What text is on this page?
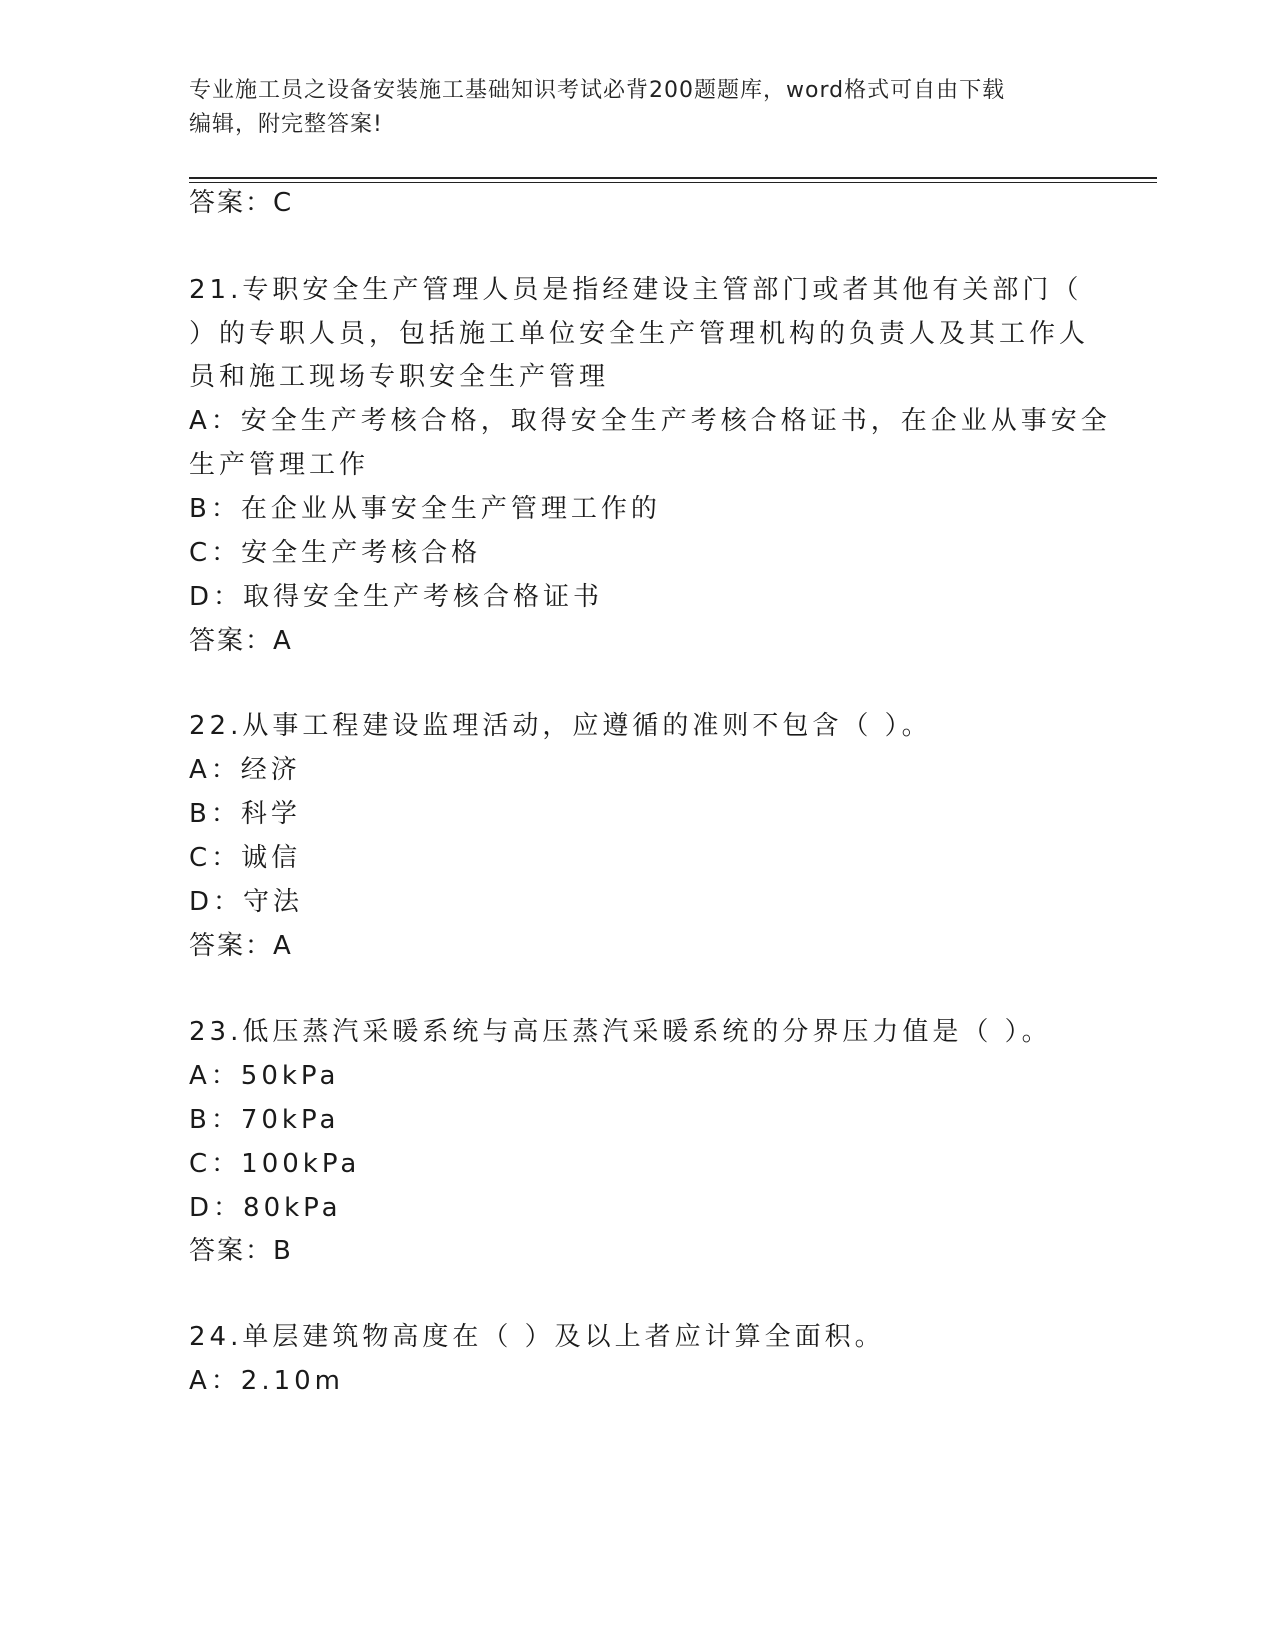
专业施工员之设备安装施工基础知识考试必背200题题库，word格式可自由下载
编辑，附完整答案!
答案：C
21.专职安全生产管理人员是指经建设主管部门或者其他有关部门（
）的专职人员，包括施工单位安全生产管理机构的负责人及其工作人
员和施工现场专职安全生产管理
A：安全生产考核合格，取得安全生产考核合格证书，在企业从事安全
生产管理工作
B：在企业从事安全生产管理工作的
C：安全生产考核合格
D：取得安全生产考核合格证书
答案：A
22.从事工程建设监理活动，应遵循的准则不包含（ ）。
A：经济
B：科学
C：诚信
D：守法
答案：A
23.低压蒸汽采暖系统与高压蒸汽采暖系统的分界压力值是（ ）。
A：50kPa
B：70kPa
C：100kPa
D：80kPa
答案：B
24.单层建筑物高度在（ ）及以上者应计算全面积。
A：2.10m
